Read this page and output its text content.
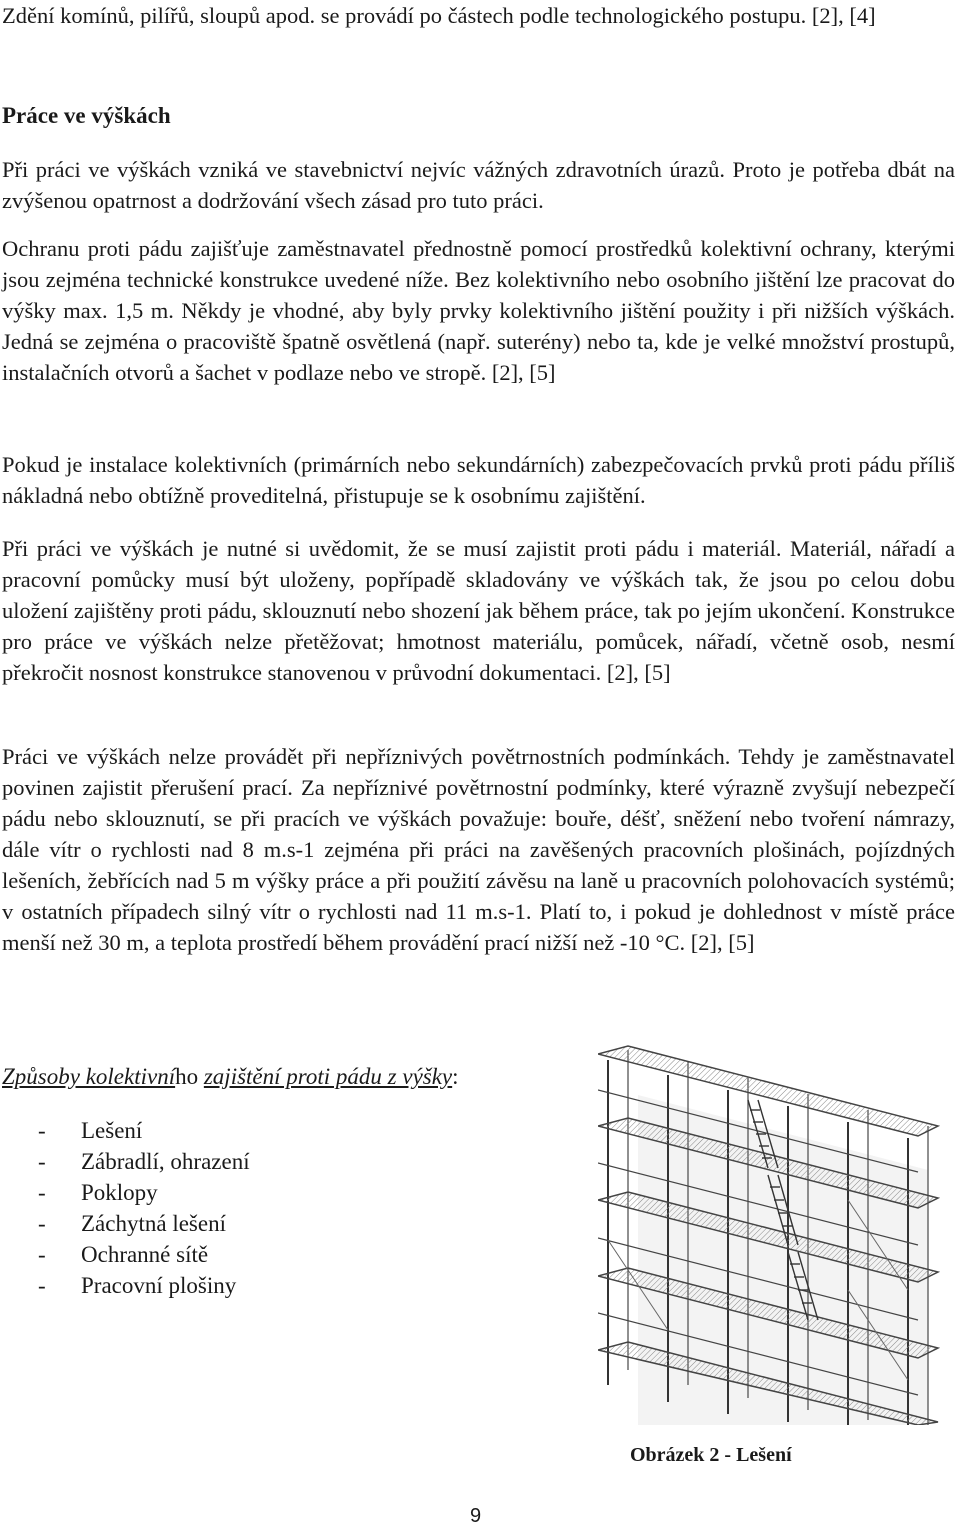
Zdění komínů, pilířů, sloupů apod. se provádí po částech podle technologického postupu. [2], [4]

Práce ve výškách

Při práci ve výškách vzniká ve stavebnictví nejvíc vážných zdravotních úrazů. Proto je potřeba dbát na zvýšenou opatrnost a dodržování všech zásad pro tuto práci.

Ochranu proti pádu zajišťuje zaměstnavatel přednostně pomocí prostředků kolektivní ochrany, kterými jsou zejména technické konstrukce uvedené níže. Bez kolektivního nebo osobního jištění lze pracovat do výšky max. 1,5 m. Někdy je vhodné, aby byly prvky kolektivního jištění použity i při nižších výškách. Jedná se zejména o pracoviště špatně osvětlená (např. suterény) nebo ta, kde je velké množství prostupů, instalačních otvorů a šachet v podlaze nebo ve stropě. [2], [5]

Pokud je instalace kolektivních (primárních nebo sekundárních) zabezpečovacích prvků proti pádu příliš nákladná nebo obtížně proveditelná, přistupuje se k osobnímu zajištění.

Při práci ve výškách je nutné si uvědomit, že se musí zajistit proti pádu i materiál. Materiál, nářadí a pracovní pomůcky musí být uloženy, popřípadě skladovány ve výškách tak, že jsou po celou dobu uložení zajištěny proti pádu, sklouznutí nebo shození jak během práce, tak po jejím ukončení. Konstrukce pro práce ve výškách nelze přetěžovat; hmotnost materiálu, pomůcek, nářadí, včetně osob, nesmí překročit nosnost konstrukce stanovenou v průvodní dokumentaci. [2], [5]

Práci ve výškách nelze provádět při nepříznivých povětrnostních podmínkách. Tehdy je zaměstnavatel povinen zajistit přerušení prací. Za nepříznivé povětrnostní podmínky, které výrazně zvyšují nebezpečí pádu nebo sklouznutí, se při pracích ve výškách považuje: bouře, déšť, sněžení nebo tvoření námrazy, dále vítr o rychlosti nad 8 m.s-1 zejména při práci na zavěšených pracovních plošinách, pojízdných lešeních, žebřících nad 5 m výšky práce a při použití závěsu na laně u pracovních polohovacích systémů; v ostatních případech silný vítr o rychlosti nad 11 m.s-1. Platí to, i pokud je dohlednost v místě práce menší než 30 m, a teplota prostředí během provádění prací nižší než -10 °C. [2], [5]

Způsoby kolektivního zajištění proti pádu z výšky:

-	Lešení
-	Zábradlí, ohrazení
-	Poklopy
-	Záchytná lešení
-	Ochranné sítě
-	Pracovní plošiny

Obrázek 2 - Lešení

9
